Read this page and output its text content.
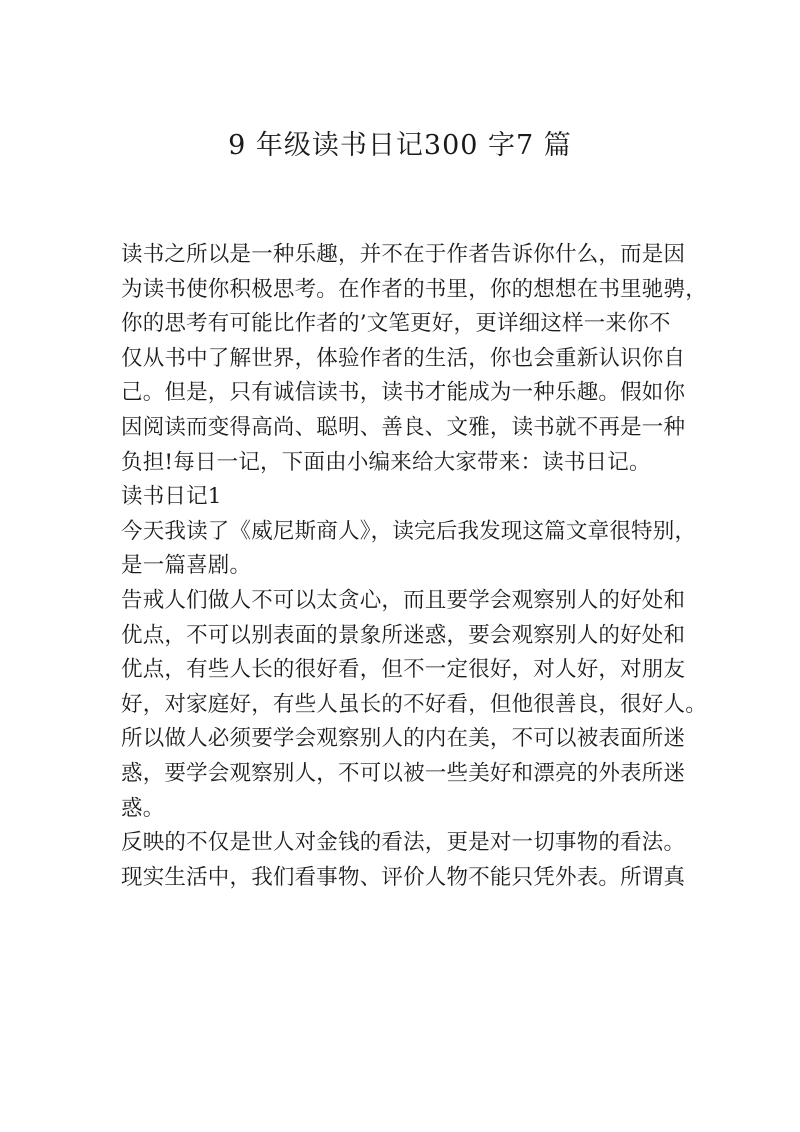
9 年级读书日记300 字7 篇
读书之所以是一种乐趣，并不在于作者告诉你什么，而是因
为读书使你积极思考。在作者的书里，你的想想在书里驰骋，
你的思考有可能比作者的’文笔更好，更详细这样一来你不
仅从书中了解世界，体验作者的生活，你也会重新认识你自
己。但是，只有诚信读书，读书才能成为一种乐趣。假如你
因阅读而变得高尚、聪明、善良、文雅，读书就不再是一种
负担!每日一记，下面由小编来给大家带来：读书日记。
读书日记1
今天我读了《威尼斯商人》，读完后我发现这篇文章很特别，
是一篇喜剧。
告戒人们做人不可以太贪心，而且要学会观察别人的好处和
优点，不可以别表面的景象所迷惑，要会观察别人的好处和
优点，有些人长的很好看，但不一定很好，对人好，对朋友
好，对家庭好，有些人虽长的不好看，但他很善良，很好人。
所以做人必须要学会观察别人的内在美，不可以被表面所迷
惑，要学会观察别人，不可以被一些美好和漂亮的外表所迷
惑。
反映的不仅是世人对金钱的看法，更是对一切事物的看法。
现实生活中，我们看事物、评价人物不能只凭外表。所谓真
